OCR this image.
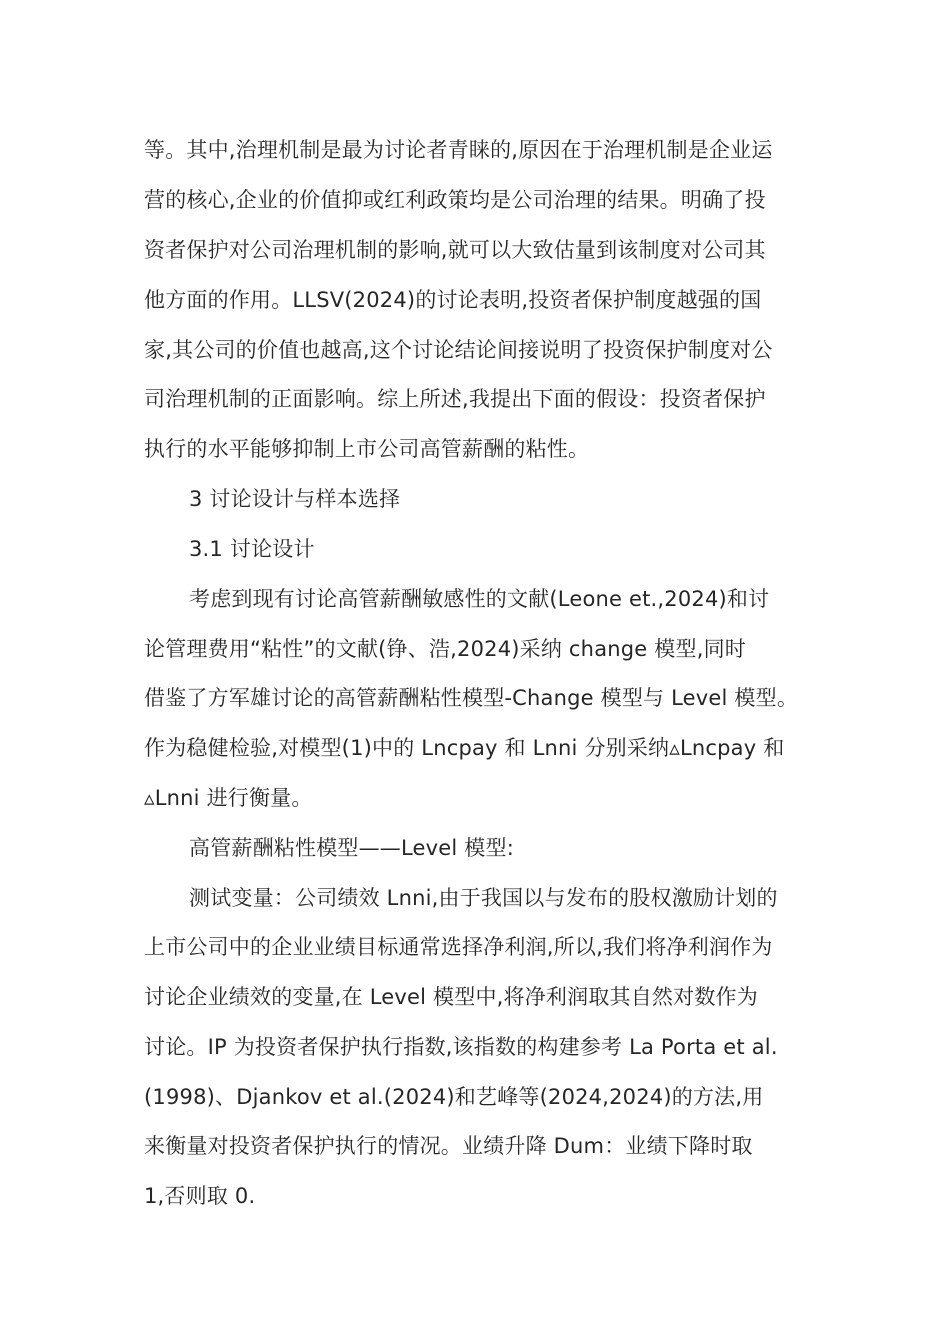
等。其中,治理机制是最为讨论者青睐的,原因在于治理机制是企业运
营的核心,企业的价值抑或红利政策均是公司治理的结果。明确了投
资者保护对公司治理机制的影响,就可以大致估量到该制度对公司其
他方面的作用。LLSV(2024)的讨论表明,投资者保护制度越强的国
家,其公司的价值也越高,这个讨论结论间接说明了投资保护制度对公
司治理机制的正面影响。综上所述,我提出下面的假设：投资者保护
执行的水平能够抑制上市公司高管薪酬的粘性。
3 讨论设计与样本选择
3.1 讨论设计
考虑到现有讨论高管薪酬敏感性的文献(Leone et.,2024)和讨
论管理费用“粘性”的文献(铮、浩,2024)采纳 change 模型,同时
借鉴了方军雄讨论的高管薪酬粘性模型-Change 模型与 Level 模型。
作为稳健检验,对模型(1)中的 Lncpay 和 Lnni 分别采纳▵Lncpay 和
▵Lnni 进行衡量。
高管薪酬粘性模型——Level 模型:
测试变量：公司绩效 Lnni,由于我国以与发布的股权激励计划的
上市公司中的企业业绩目标通常选择净利润,所以,我们将净利润作为
讨论企业绩效的变量,在 Level 模型中,将净利润取其自然对数作为
讨论。IP 为投资者保护执行指数,该指数的构建参考 La Porta et al.
(1998)、Djankov et al.(2024)和艺峰等(2024,2024)的方法,用
来衡量对投资者保护执行的情况。业绩升降 Dum：业绩下降时取
1,否则取 0.
